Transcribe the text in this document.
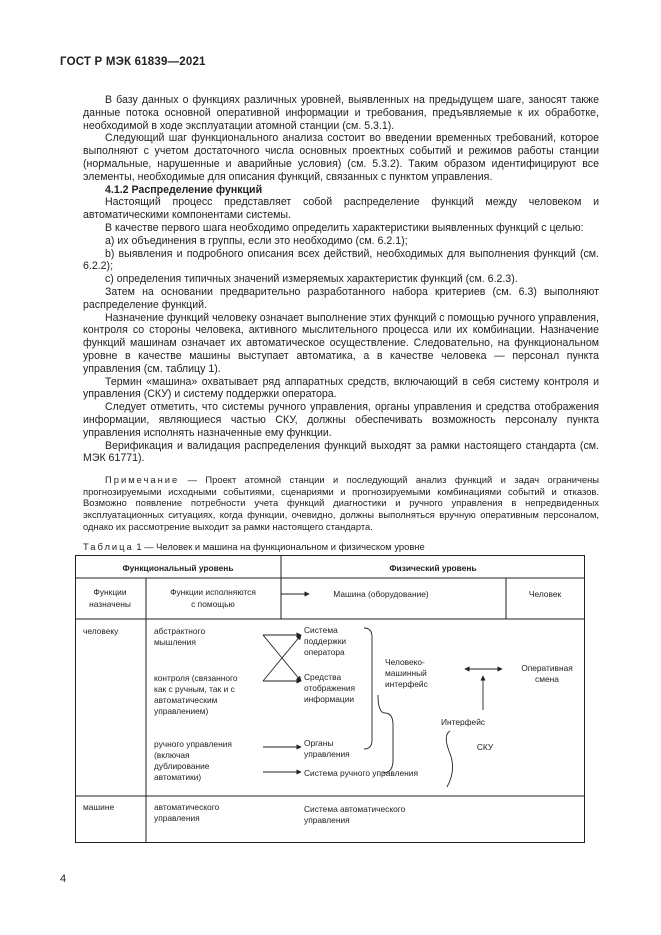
ГОСТ Р МЭК 61839—2021

В базу данных о функциях различных уровней, выявленных на предыдущем шаге, заносят также данные потока основной оперативной информации и требования, предъявляемые к их обработке, необходимой в ходе эксплуатации атомной станции (см. 5.3.1).

Следующий шаг функционального анализа состоит во введении временных требований, которое выполняют с учетом достаточного числа основных проектных событий и режимов работы станции (нормальные, нарушенные и аварийные условия) (см. 5.3.2). Таким образом идентифицируют все элементы, необходимые для описания функций, связанных с пунктом управления.

4.1.2 Распределение функций

Настоящий процесс представляет собой распределение функций между человеком и автоматическими компонентами системы.

В качестве первого шага необходимо определить характеристики выявленных функций с целью:

a) их объединения в группы, если это необходимо (см. 6.2.1);

b) выявления и подробного описания всех действий, необходимых для выполнения функций (см. 6.2.2);

c) определения типичных значений измеряемых характеристик функций (см. 6.2.3).

Затем на основании предварительно разработанного набора критериев (см. 6.3) выполняют распределение функций.

Назначение функций человеку означает выполнение этих функций с помощью ручного управления, контроля со стороны человека, активного мыслительного процесса или их комбинации. Назначение функций машинам означает их автоматическое осуществление. Следовательно, на функциональном уровне в качестве машины выступает автоматика, а в качестве человека — персонал пункта управления (см. таблицу 1).

Термин «машина» охватывает ряд аппаратных средств, включающий в себя систему контроля и управления (СКУ) и систему поддержки оператора.

Следует отметить, что системы ручного управления, органы управления и средства отображения информации, являющиеся частью СКУ, должны обеспечивать возможность персоналу пункта управления исполнять назначенные ему функции.

Верификация и валидация распределения функций выходят за рамки настоящего стандарта (см. МЭК 61771).

Примечание — Проект атомной станции и последующий анализ функций и задач ограничены прогнозируемыми исходными событиями, сценариями и прогнозируемыми комбинациями событий и отказов. Возможно появление потребности учета функций диагностики и ручного управления в непредвиденных эксплуатационных ситуациях, когда функции, очевидно, должны выполняться вручную оперативным персоналом, однако их рассмотрение выходит за рамки настоящего стандарта.

Таблица 1 — Человек и машина на функциональном и физическом уровне
Функциональный уровень	Физический уровень
Функции
назначены
Функции исполняются
с помощью
Машина (оборудование)	Человек
человеку
машине
абстрактного
мышления
контроля (связанного
как с ручным, так и с
автоматическим
управлением)
ручного управления
(включая
дублирование
автоматики)
автоматического
управления
Система
поддержки
оператора
Средства
отображения
информации
Органы
управления
Система ручного управления
Система автоматического
управления
Человеко-
машинный
интерфейс
Оперативная
смена
Интерфейс
СКУ
4
